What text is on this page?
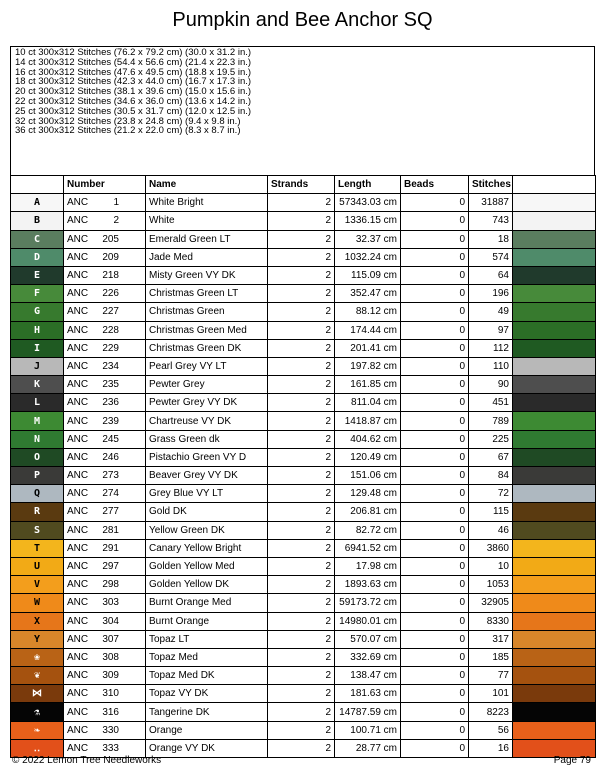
Pumpkin and Bee Anchor SQ
10 ct 300x312 Stitches (76.2 x 79.2 cm) (30.0 x 31.2 in.)
14 ct 300x312 Stitches (54.4 x 56.6 cm) (21.4 x 22.3 in.)
16 ct 300x312 Stitches (47.6 x 49.5 cm) (18.8 x 19.5 in.)
18 ct 300x312 Stitches (42.3 x 44.0 cm) (16.7 x 17.3 in.)
20 ct 300x312 Stitches (38.1 x 39.6 cm) (15.0 x 15.6 in.)
22 ct 300x312 Stitches (34.6 x 36.0 cm) (13.6 x 14.2 in.)
25 ct 300x312 Stitches (30.5 x 31.7 cm) (12.0 x 12.5 in.)
32 ct 300x312 Stitches (23.8 x 24.8 cm) (9.4 x 9.8 in.)
36 ct 300x312 Stitches (21.2 x 22.0 cm) (8.3 x 8.7 in.)
	Number	Name	Strands	Length	Beads	Stitches	
A	ANC 1	White Bright	2	57343.03 cm	0	31887	
B	ANC 2	White	2	1336.15 cm	0	743	
C	ANC 205	Emerald Green LT	2	32.37 cm	0	18	
D	ANC 209	Jade Med	2	1032.24 cm	0	574	
E	ANC 218	Misty Green VY DK	2	115.09 cm	0	64	
F	ANC 226	Christmas Green LT	2	352.47 cm	0	196	
G	ANC 227	Christmas Green	2	88.12 cm	0	49	
H	ANC 228	Christmas Green Med	2	174.44 cm	0	97	
I	ANC 229	Christmas Green DK	2	201.41 cm	0	112	
J	ANC 234	Pearl Grey VY LT	2	197.82 cm	0	110	
K	ANC 235	Pewter Grey	2	161.85 cm	0	90	
L	ANC 236	Pewter Grey VY DK	2	811.04 cm	0	451	
M	ANC 239	Chartreuse VY DK	2	1418.87 cm	0	789	
N	ANC 245	Grass Green dk	2	404.62 cm	0	225	
O	ANC 246	Pistachio Green VY D	2	120.49 cm	0	67	
P	ANC 273	Beaver Grey VY DK	2	151.06 cm	0	84	
Q	ANC 274	Grey Blue VY LT	2	129.48 cm	0	72	
R	ANC 277	Gold DK	2	206.81 cm	0	115	
S	ANC 281	Yellow Green DK	2	82.72 cm	0	46	
T	ANC 291	Canary Yellow Bright	2	6941.52 cm	0	3860	
U	ANC 297	Golden Yellow Med	2	17.98 cm	0	10	
V	ANC 298	Golden Yellow DK	2	1893.63 cm	0	1053	
W	ANC 303	Burnt Orange Med	2	59173.72 cm	0	32905	
X	ANC 304	Burnt Orange	2	14980.01 cm	0	8330	
Y	ANC 307	Topaz LT	2	570.07 cm	0	317	
❀	ANC 308	Topaz Med	2	332.69 cm	0	185	
❦	ANC 309	Topaz Med DK	2	138.47 cm	0	77	
⋈	ANC 310	Topaz VY DK	2	181.63 cm	0	101	
⚗	ANC 316	Tangerine DK	2	14787.59 cm	0	8223	
❧	ANC 330	Orange	2	100.71 cm	0	56	
‥	ANC 333	Orange VY DK	2	28.77 cm	0	16	
© 2022 Lemon Tree Needleworks	Page 79
